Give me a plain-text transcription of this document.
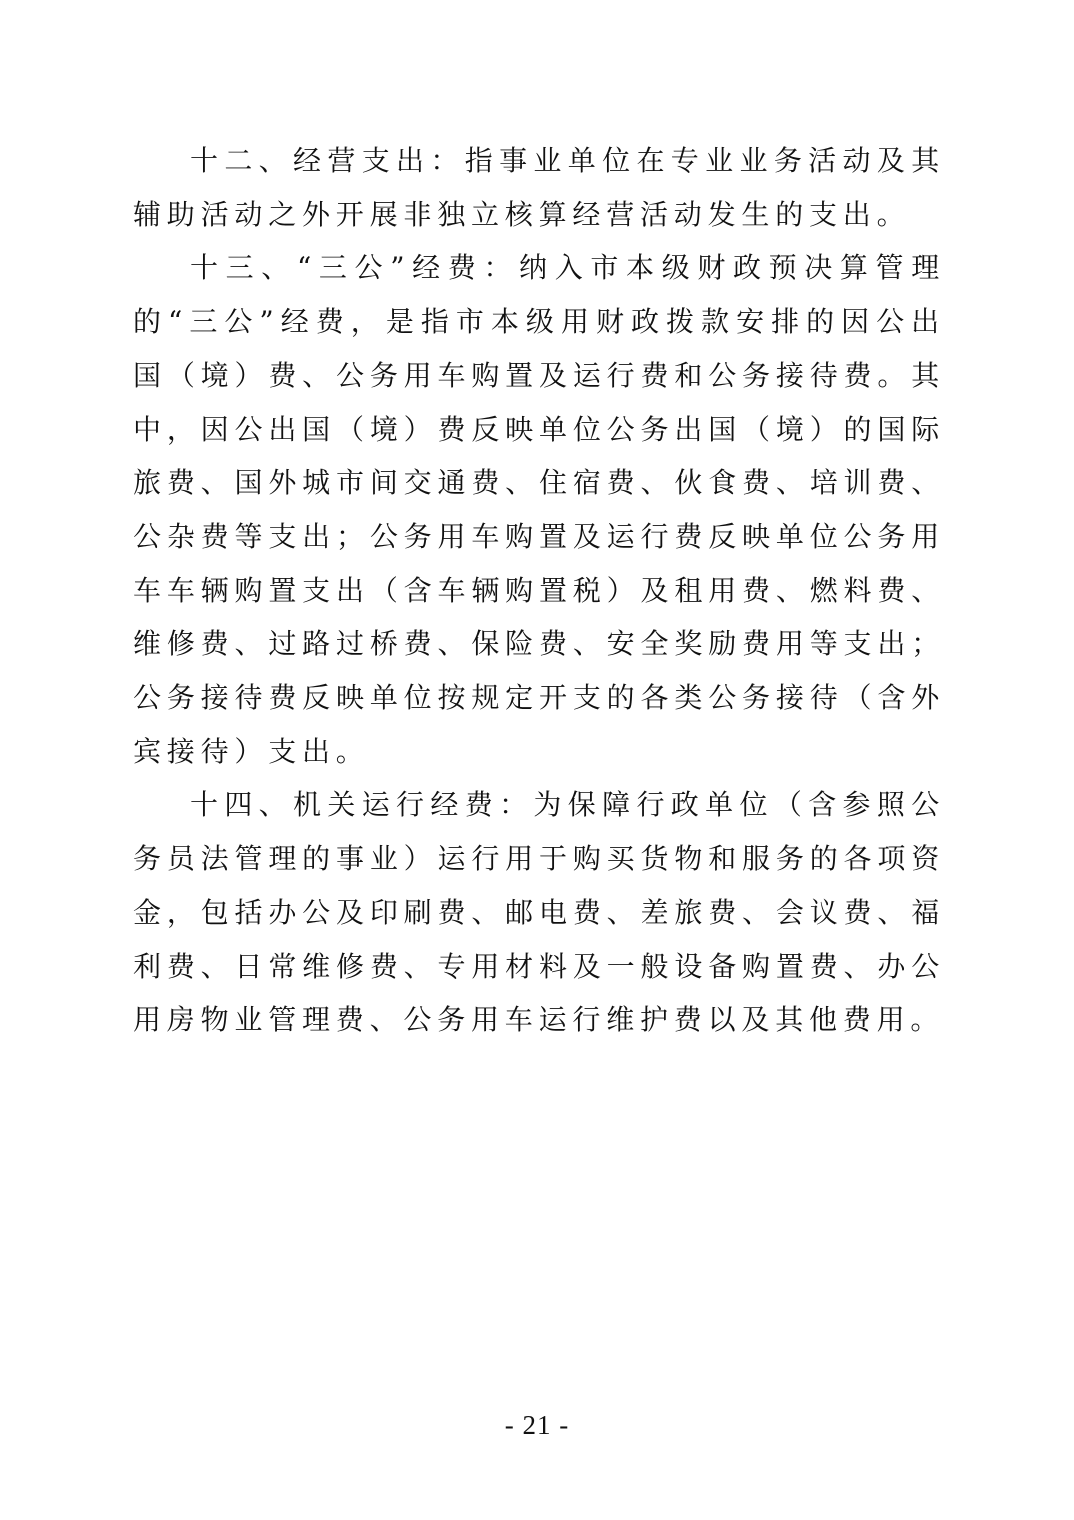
十二、经营支出：指事业单位在专业业务活动及其辅助活动之外开展非独立核算经营活动发生的支出。

十三、“三公”经费：纳入市本级财政预决算管理的“三公”经费，是指市本级用财政拨款安排的因公出国（境）费、公务用车购置及运行费和公务接待费。其中，因公出国（境）费反映单位公务出国（境）的国际旅费、国外城市间交通费、住宿费、伙食费、培训费、公杂费等支出；公务用车购置及运行费反映单位公务用车车辆购置支出（含车辆购置税）及租用费、燃料费、维修费、过路过桥费、保险费、安全奖励费用等支出；公务接待费反映单位按规定开支的各类公务接待（含外宾接待）支出。

十四、机关运行经费：为保障行政单位（含参照公务员法管理的事业）运行用于购买货物和服务的各项资金，包括办公及印刷费、邮电费、差旅费、会议费、福利费、日常维修费、专用材料及一般设备购置费、办公用房物业管理费、公务用车运行维护费以及其他费用。

- 21 -
